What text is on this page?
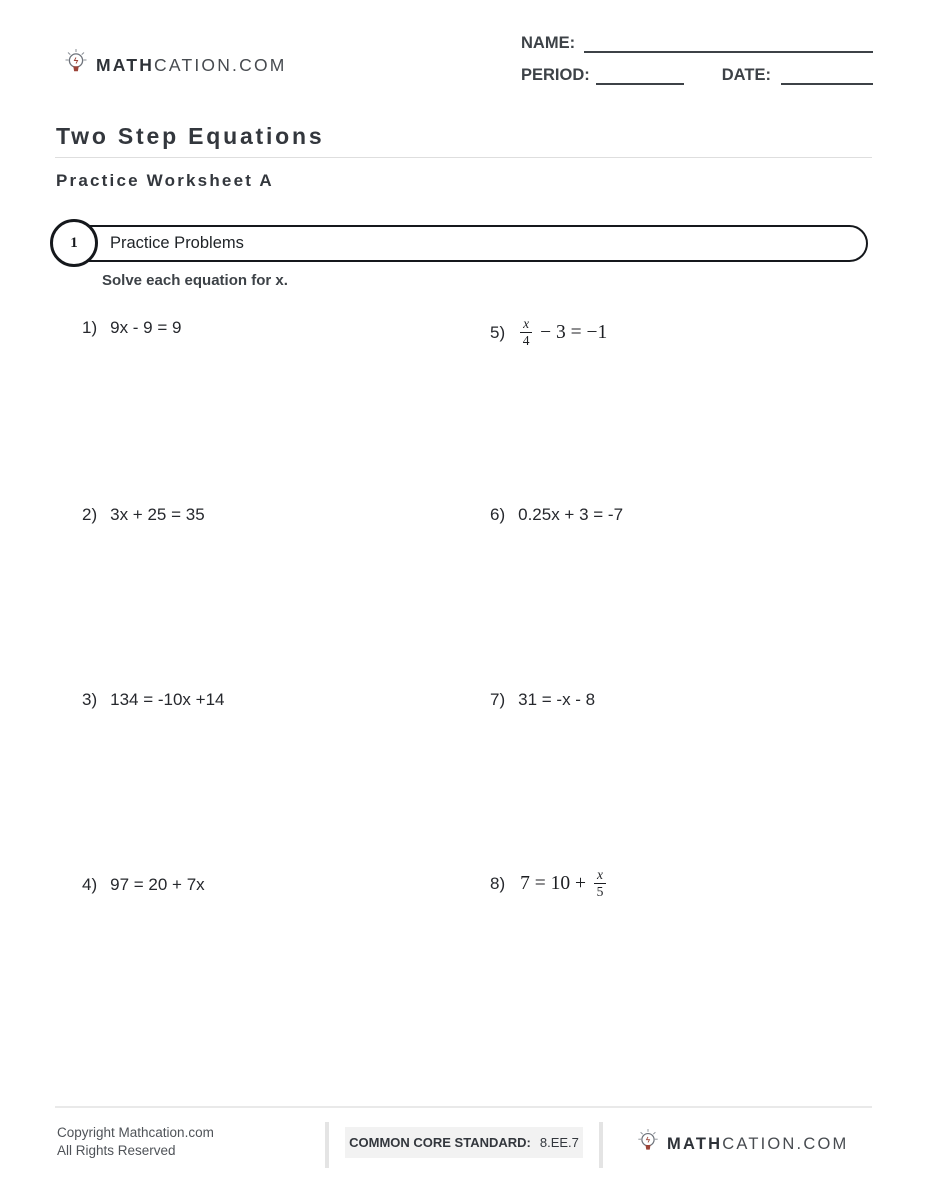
MATHCATION.COM
NAME:
PERIOD:	DATE:
Two Step Equations
Practice Worksheet A
Practice Problems
1
Solve each equation for x.
1) 9x - 9 = 9
2) 3x + 25 = 35
3) 134 = -10x +14
4) 97 = 20 + 7x
$5) \frac{x}{4} - 3 = -1$
6) 0.25x + 3 = -7
7) 31 = -x - 8
8) $7 = 10 + \frac{x}{5}$
Copyright Mathcation.com
All Rights Reserved
COMMON CORE STANDARD: 8.EE.7	MATHCATION.COM
